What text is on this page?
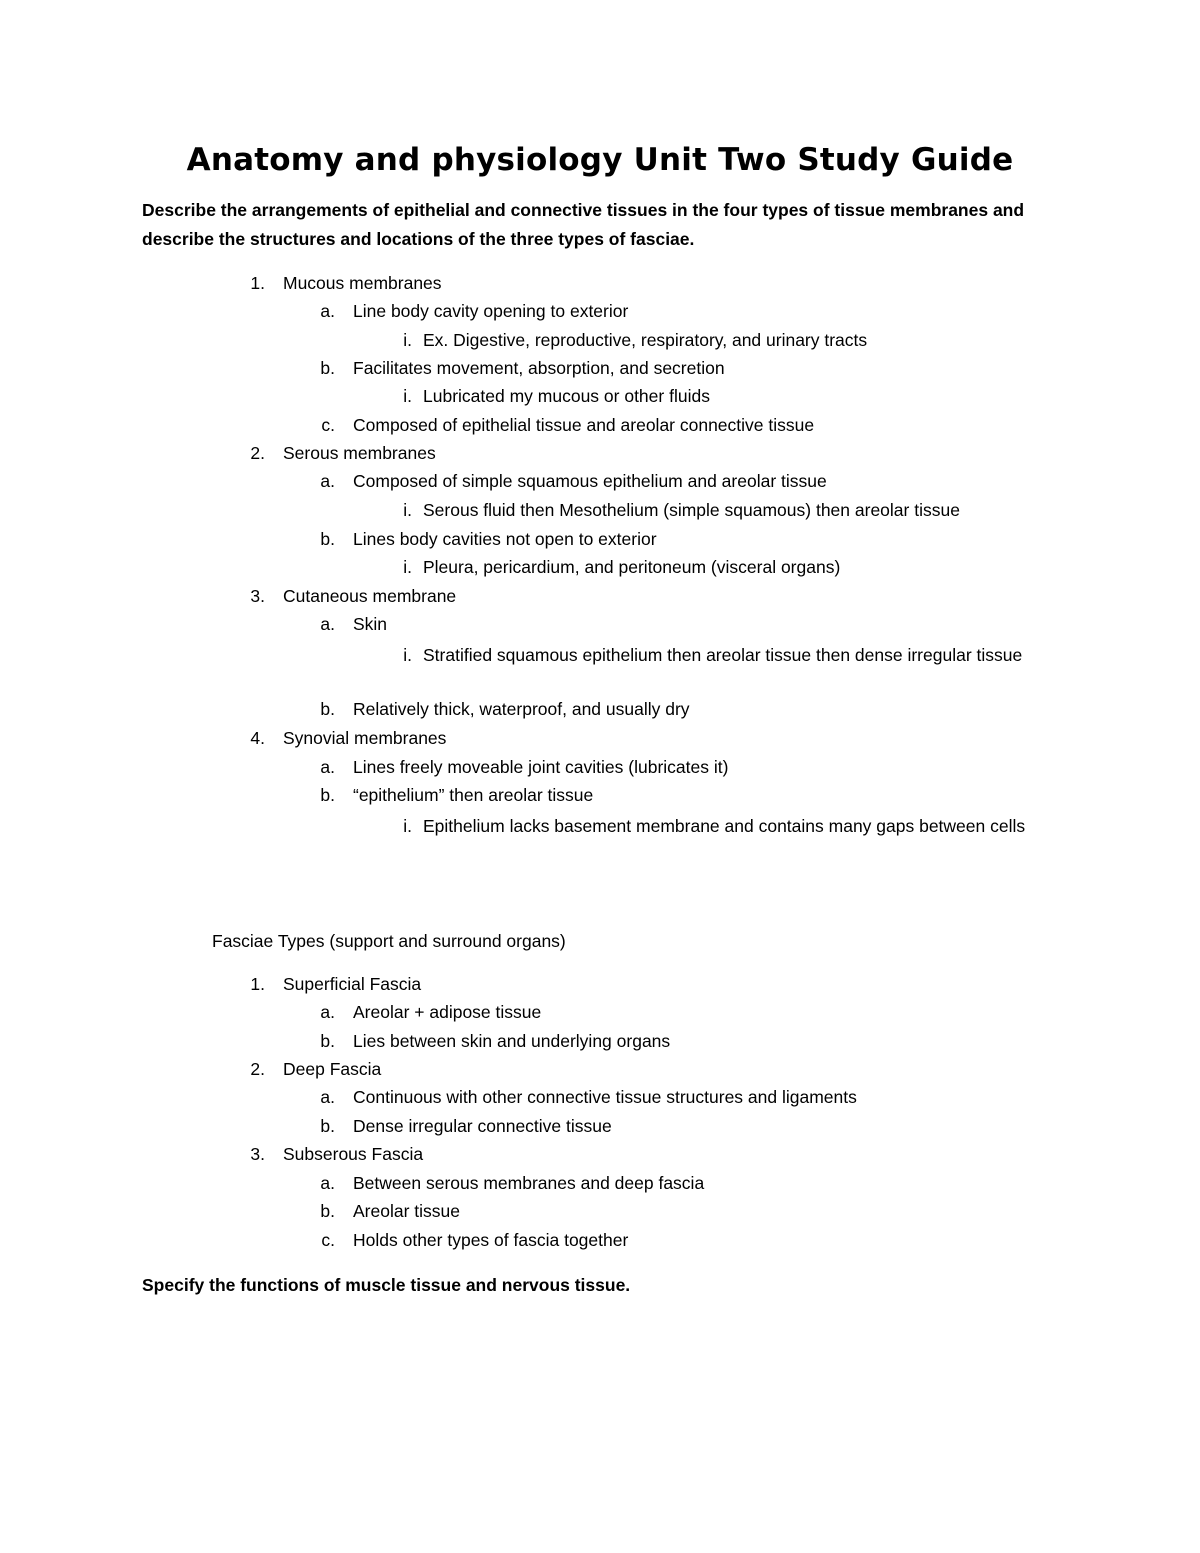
Anatomy and physiology Unit Two Study Guide
Describe the arrangements of epithelial and connective tissues in the four types of tissue membranes and describe the structures and locations of the three types of fasciae.
1. Mucous membranes
a. Line body cavity opening to exterior
i. Ex. Digestive, reproductive, respiratory, and urinary tracts
b. Facilitates movement, absorption, and secretion
i. Lubricated my mucous or other fluids
c. Composed of epithelial tissue and areolar connective tissue
2. Serous membranes
a. Composed of simple squamous epithelium and areolar tissue
i. Serous fluid then Mesothelium (simple squamous) then areolar tissue
b. Lines body cavities not open to exterior
i. Pleura, pericardium, and peritoneum (visceral organs)
3. Cutaneous membrane
a. Skin
i. Stratified squamous epithelium then areolar tissue then dense irregular tissue
b. Relatively thick, waterproof, and usually dry
4. Synovial membranes
a. Lines freely moveable joint cavities (lubricates it)
b. “epithelium” then areolar tissue
i. Epithelium lacks basement membrane and contains many gaps between cells
Fasciae Types (support and surround organs)
1. Superficial Fascia
a. Areolar + adipose tissue
b. Lies between skin and underlying organs
2. Deep Fascia
a. Continuous with other connective tissue structures and ligaments
b. Dense irregular connective tissue
3. Subserous Fascia
a. Between serous membranes and deep fascia
b. Areolar tissue
c. Holds other types of fascia together
Specify the functions of muscle tissue and nervous tissue.
